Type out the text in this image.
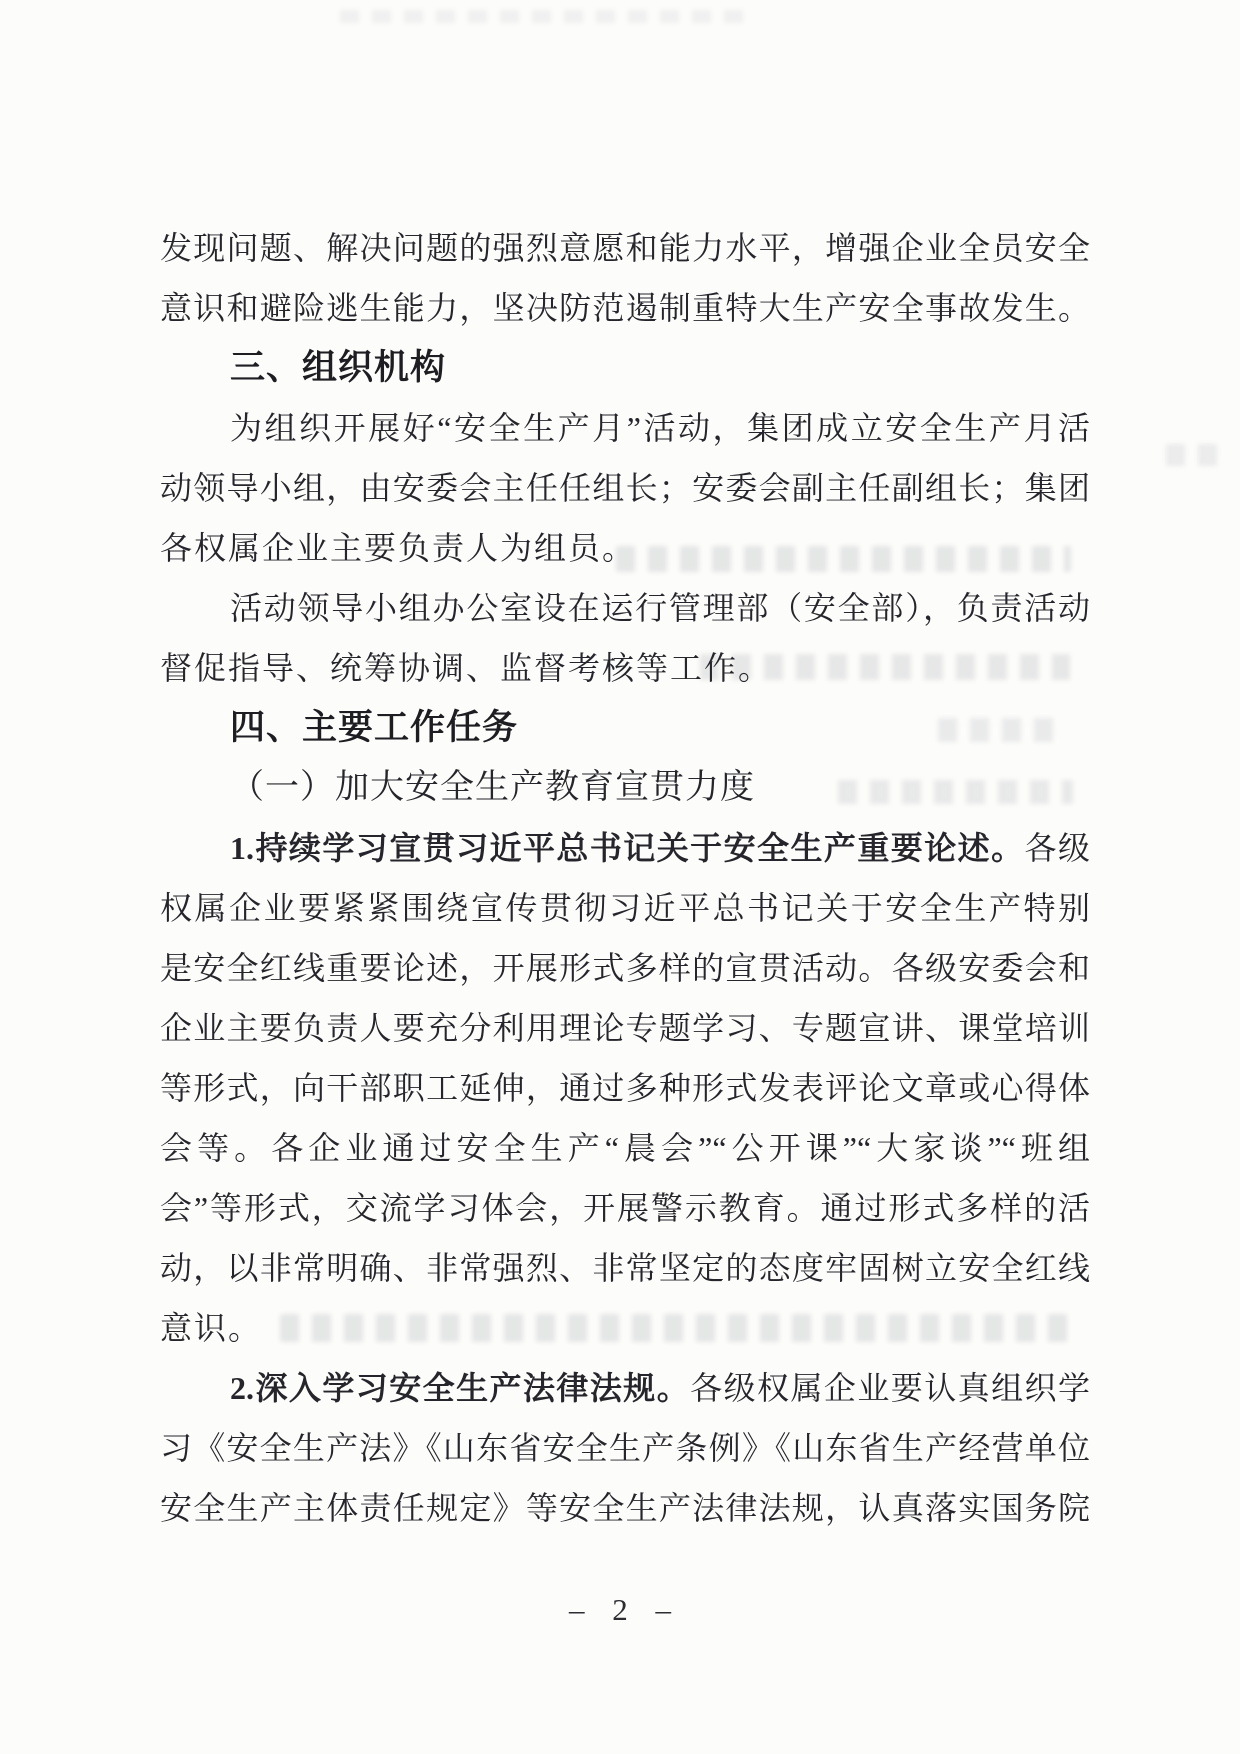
发现问题、解决问题的强烈意愿和能力水平，增强企业全员安全
意识和避险逃生能力，坚决防范遏制重特大生产安全事故发生。
三、组织机构
为组织开展好“安全生产月”活动，集团成立安全生产月活
动领导小组，由安委会主任任组长；安委会副主任副组长；集团
各权属企业主要负责人为组员。
活动领导小组办公室设在运行管理部（安全部），负责活动
督促指导、统筹协调、监督考核等工作。
四、主要工作任务
（一）加大安全生产教育宣贯力度
1.持续学习宣贯习近平总书记关于安全生产重要论述。各级
权属企业要紧紧围绕宣传贯彻习近平总书记关于安全生产特别
是安全红线重要论述，开展形式多样的宣贯活动。各级安委会和
企业主要负责人要充分利用理论专题学习、专题宣讲、课堂培训
等形式，向干部职工延伸，通过多种形式发表评论文章或心得体
会等。各企业通过安全生产“晨会”“公开课”“大家谈”“班组
会”等形式，交流学习体会，开展警示教育。通过形式多样的活
动，以非常明确、非常强烈、非常坚定的态度牢固树立安全红线
意识。
2.深入学习安全生产法律法规。各级权属企业要认真组织学
习《安全生产法》《山东省安全生产条例》《山东省生产经营单位
安全生产主体责任规定》等安全生产法律法规，认真落实国务院
– 2 –
